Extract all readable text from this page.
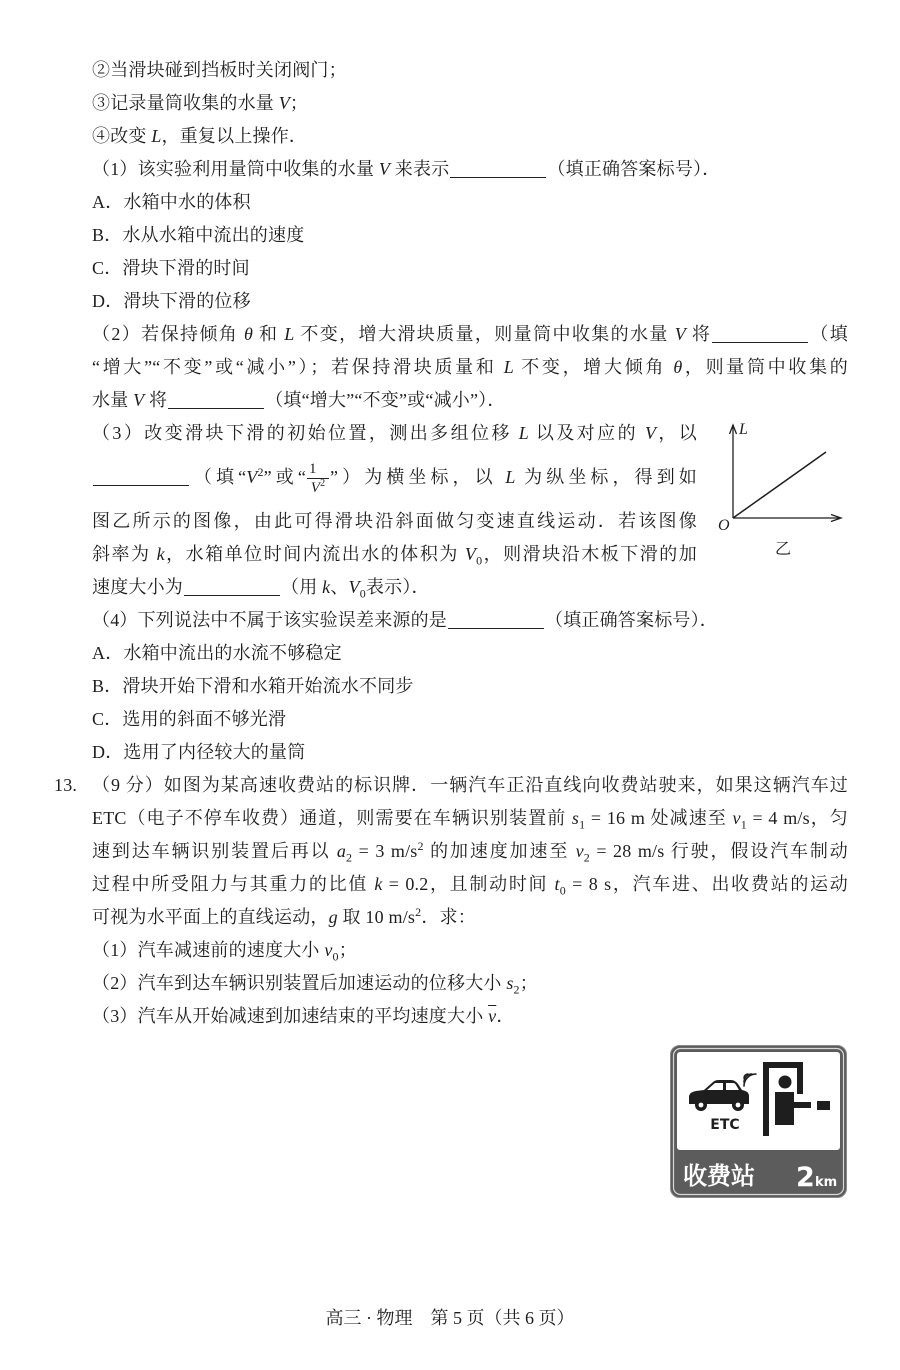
②当滑块碰到挡板时关闭阀门；
③记录量筒收集的水量 V；
④改变 L，重复以上操作．
（1）该实验利用量筒中收集的水量 V 来表示	（填正确答案标号）．
A．水箱中水的体积
B．水从水箱中流出的速度
C．滑块下滑的时间
D．滑块下滑的位移
（2）若保持倾角 θ 和 L 不变，增大滑块质量，则量筒中收集的水量 V 将	（填
“增大”“不变”或“减小”）；若保持滑块质量和 L 不变，增大倾角 θ，则量筒中收集的
水量 V 将	（填“增大”“不变”或“减小”）．
（3）改变滑块下滑的初始位置，测出多组位移 L 以及对应的 V，以
（填“$V^2$”或“ $\frac{1}{V^2}$ ”）为横坐标，以 L 为纵坐标，得到如
图乙所示的图像，由此可得滑块沿斜面做匀变速直线运动．若该图像
斜率为 k，水箱单位时间内流出水的体积为 $V_0$，则滑块沿木板下滑的加
速度大小为	（用 k、$V_0$表示）．
（4）下列说法中不属于该实验误差来源的是	（填正确答案标号）．
A．水箱中流出的水流不够稳定
B．滑块开始下滑和水箱开始流水不同步
C．选用的斜面不够光滑
D．选用了内径较大的量筒
13. （9 分）如图为某高速收费站的标识牌．一辆汽车正沿直线向收费站驶来，如果这辆汽车过
ETC（电子不停车收费）通道，则需要在车辆识别装置前 $s_1 = 16$ m 处减速至 $v_1 = 4$ m/s，匀
速到达车辆识别装置后再以 $a_2 = 3$ $m/s^2$ 的加速度加速至 $v_2 = 28$ m/s 行驶，假设汽车制动
过程中所受阻力与其重力的比值 k = 0.2，且制动时间 $t_0 = 8$ s，汽车进、出收费站的运动
可视为水平面上的直线运动，g 取 10 $m/s^2$．求：
（1）汽车减速前的速度大小 $v_0$；
（2）汽车到达车辆识别装置后加速运动的位移大小 $s_2$；
（3）汽车从开始减速到加速结束的平均速度大小 $\overline{v}$．
L
O
乙
ETC
收费站 2 km
高三 · 物理　第 5 页（共 6 页）
